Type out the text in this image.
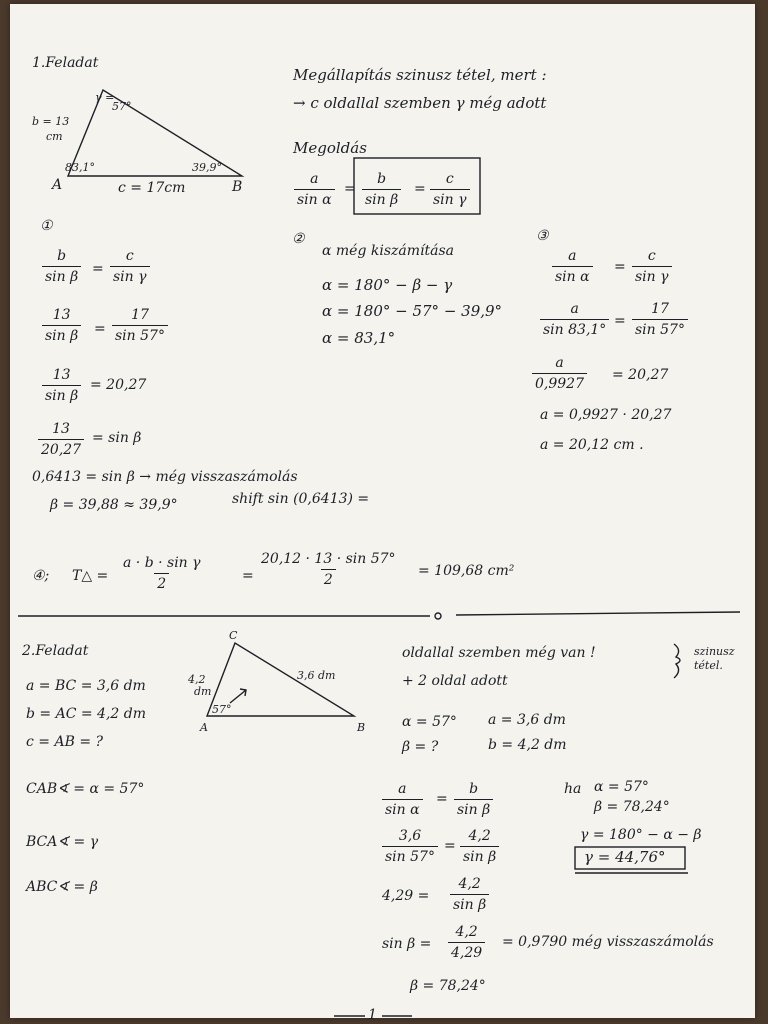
1.Feladat
γ =
57°
b = 13
cm
83,1°	39,9°
A	B
c = 17cm
Megállapítás szinusz tétel, mert :
→ c oldallal szemben γ még adott
Megoldás
a
sin α
=
b
sin β
=
c
sin γ
①
b
sin β =
c
sin γ
13
sin β =
17
sin 57°
13
sin β
= 20,27
13
20,27
= sin β
0,6413 = sin β → még visszaszámolás
β = 39,88 ≈ 39,9°	shift sin (0,6413) =
②
α még kiszámítása
α = 180° − β − γ
α = 180° − 57° − 39,9°
α = 83,1°
③
a
sin α
=
c
sin γ
a
sin 83,1°
=
17
sin 57°
a
0,9927
= 20,27
a = 0,9927 · 20,27
a = 20,12 cm .
④; T△ =
a · b · sin γ
2	=
20,12 · 13 · sin 57°
2
= 109,68 cm²
2.Feladat
a = BC = 3,6 dm
b = AC = 4,2 dm
c = AB = ?
C
4,2
dm
3,6 dm
57°
A	B
CAB∢ = α = 57°
BCA∢ = γ
ABC∢ = β
oldallal szemben még van !
+ 2 oldal adott
szinusz
tétel.
α = 57° a = 3,6 dm
β = ?	b = 4,2 dm
a
sin α
=
b
sin β
3,6
sin 57°
=
4,2
sin β
4,29 =
4,2
sin β
sin β =
4,2
4,29
= 0,9790 még visszaszámolás
β = 78,24°
ha α = 57°
β = 78,24°
γ = 180° − α − β
γ = 44,76°
1
